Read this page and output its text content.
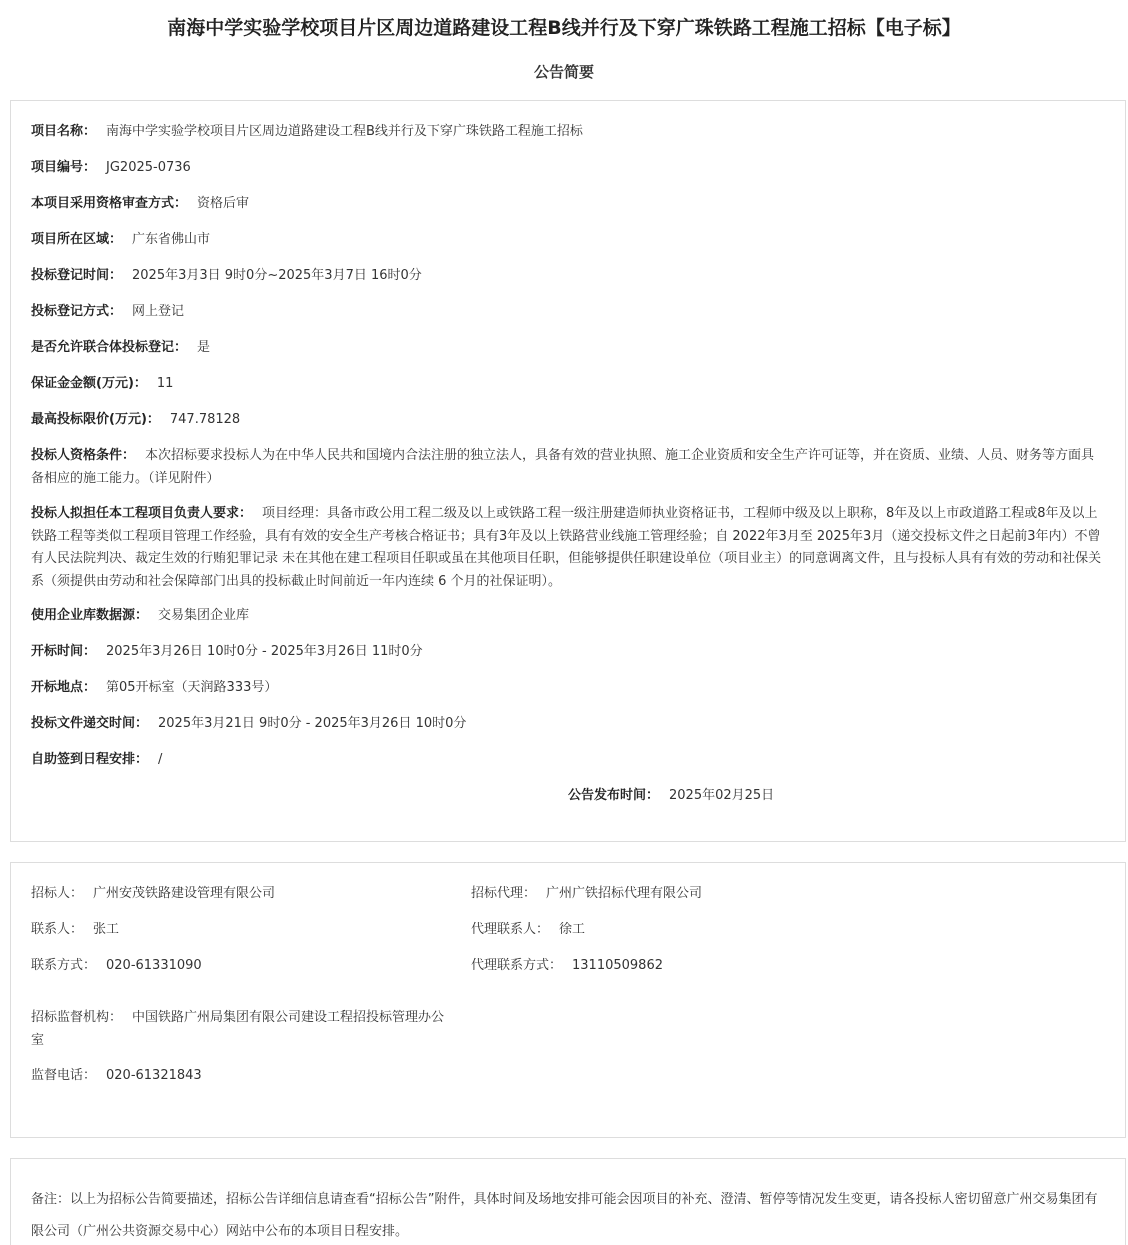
南海中学实验学校项目片区周边道路建设工程B线并行及下穿广珠铁路工程施工招标【电子标】
公告简要
项目名称： 南海中学实验学校项目片区周边道路建设工程B线并行及下穿广珠铁路工程施工招标
项目编号： JG2025-0736
本项目采用资格审查方式： 资格后审
项目所在区域： 广东省佛山市
投标登记时间： 2025年3月3日 9时0分~2025年3月7日 16时0分
投标登记方式： 网上登记
是否允许联合体投标登记： 是
保证金金额(万元)： 11
最高投标限价(万元)： 747.78128
投标人资格条件： 本次招标要求投标人为在中华人民共和国境内合法注册的独立法人，具备有效的营业执照、施工企业资质和安全生产许可证等，并在资质、业绩、人员、财务等方面具备相应的施工能力。（详见附件）
投标人拟担任本工程项目负责人要求： 项目经理：具备市政公用工程二级及以上或铁路工程一级注册建造师执业资格证书，工程师中级及以上职称，8年及以上市政道路工程或8年及以上铁路工程等类似工程项目管理工作经验，具有有效的安全生产考核合格证书；具有3年及以上铁路营业线施工管理经验；自 2022年3月至 2025年3月（递交投标文件之日起前3年内）不曾有人民法院判决、裁定生效的行贿犯罪记录 未在其他在建工程项目任职或虽在其他项目任职，但能够提供任职建设单位（项目业主）的同意调离文件，且与投标人具有有效的劳动和社保关系（须提供由劳动和社会保障部门出具的投标截止时间前近一年内连续 6 个月的社保证明）。
使用企业库数据源： 交易集团企业库
开标时间： 2025年3月26日 10时0分 - 2025年3月26日 11时0分
开标地点： 第05开标室（天润路333号）
投标文件递交时间： 2025年3月21日 9时0分 - 2025年3月26日 10时0分
自助签到日程安排： /
公告发布时间： 2025年02月25日
招标人： 广州安茂铁路建设管理有限公司	招标代理： 广州广铁招标代理有限公司
联系人： 张工	代理联系人： 徐工
联系方式： 020-61331090	代理联系方式： 13110509862
招标监督机构： 中国铁路广州局集团有限公司建设工程招投标管理办公室
监督电话： 020-61321843
备注：以上为招标公告简要描述，招标公告详细信息请查看“招标公告”附件，具体时间及场地安排可能会因项目的补充、澄清、暂停等情况发生变更，请各投标人密切留意广州交易集团有限公司（广州公共资源交易中心）网站中公布的本项目日程安排。
